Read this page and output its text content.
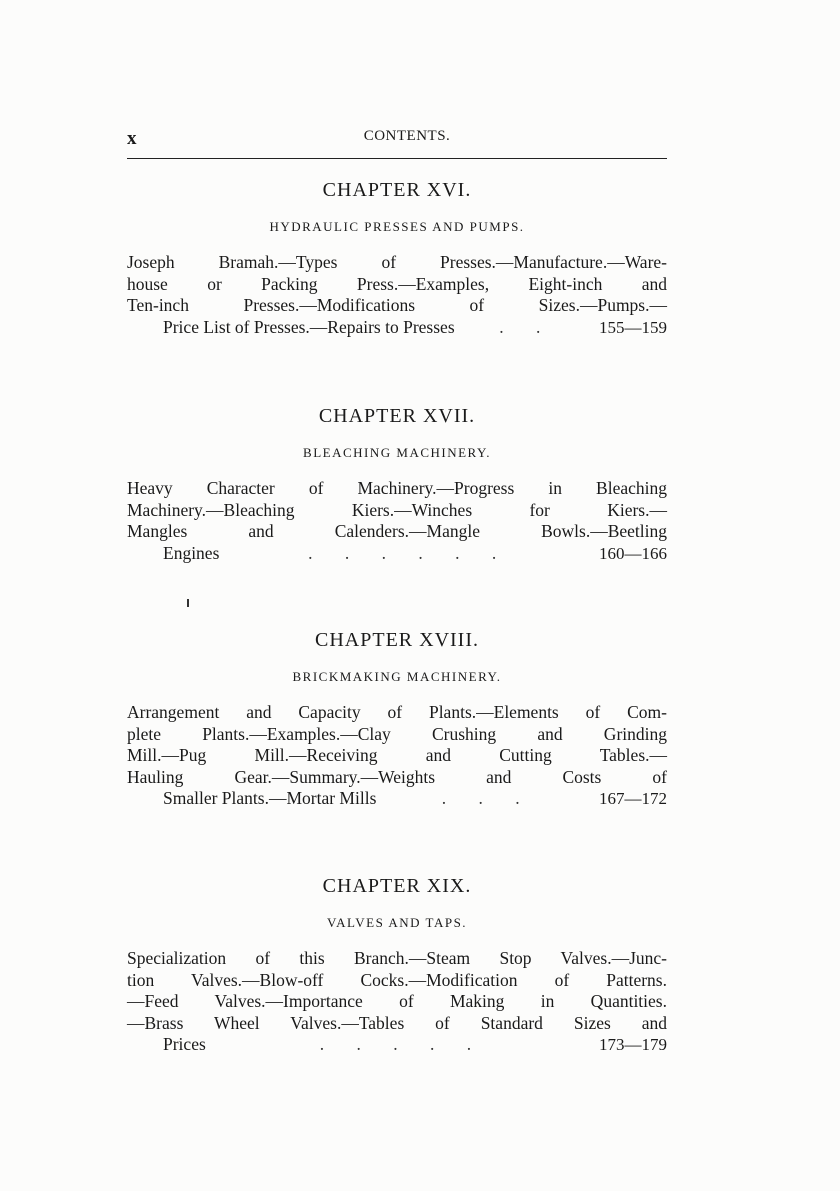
x	CONTENTS.
CHAPTER XVI.
HYDRAULIC PRESSES AND PUMPS.
Joseph Bramah.—Types of Presses.—Manufacture.—Ware-
house or Packing Press.—Examples, Eight-inch and
Ten-inch Presses.—Modifications of Sizes.—Pumps.—
Price List of Presses.—Repairs to Presses	. .	155—159
CHAPTER XVII.
BLEACHING MACHINERY.
Heavy Character of Machinery.—Progress in Bleaching
Machinery.—Bleaching Kiers.—Winches for Kiers.—
Mangles and Calenders.—Mangle Bowls.—Beetling
Engines	. . . . . .	160—166
CHAPTER XVIII.
BRICKMAKING MACHINERY.
Arrangement and Capacity of Plants.—Elements of Com-
plete Plants.—Examples.—Clay Crushing and Grinding
Mill.—Pug Mill.—Receiving and Cutting Tables.—
Hauling Gear.—Summary.—Weights and Costs of
Smaller Plants.—Mortar Mills	. . .	167—172
CHAPTER XIX.
VALVES AND TAPS.
Specialization of this Branch.—Steam Stop Valves.—Junc-
tion Valves.—Blow-off Cocks.—Modification of Patterns.
—Feed Valves.—Importance of Making in Quantities.
—Brass Wheel Valves.—Tables of Standard Sizes and
Prices	. . . . .	173—179
